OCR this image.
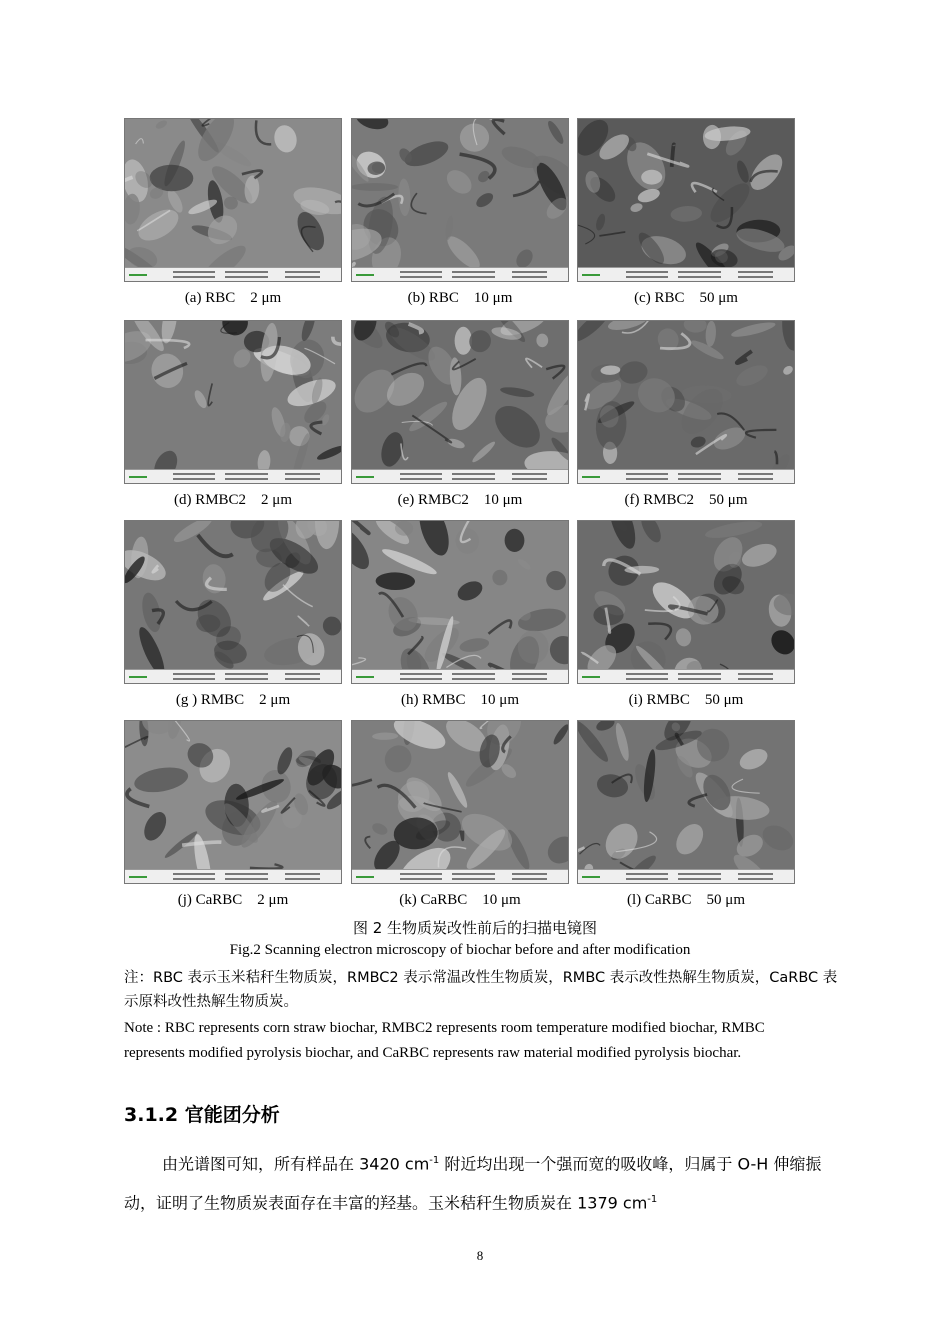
(a) RBC    2 μm	(b) RBC    10 μm	(c) RBC    50 μm
(d) RMBC2    2 μm	(e) RMBC2    10 μm	(f) RMBC2    50 μm
(g ) RMBC    2 μm	(h) RMBC    10 μm	(i) RMBC    50 μm
(j) CaRBC    2 μm	(k) CaRBC    10 μm	(l) CaRBC    50 μm
图 2 生物质炭改性前后的扫描电镜图
Fig.2 Scanning electron microscopy of biochar before and after modification
注：RBC 表示玉米秸秆生物质炭，RMBC2 表示常温改性生物质炭，RMBC 表示改性热解生物质炭，CaRBC 表示原料改性热解生物质炭。
Note : RBC represents corn straw biochar, RMBC2 represents room temperature modified biochar, RMBC represents modified pyrolysis biochar, and CaRBC represents raw material modified pyrolysis biochar.
3.1.2 官能团分析
由光谱图可知，所有样品在 3420 $cm^{-1}$ 附近均出现一个强而宽的吸收峰，归属于 O-H 伸缩振动，证明了生物质炭表面存在丰富的羟基。玉米秸秆生物质炭在 1379 $cm^{-1}$
8
